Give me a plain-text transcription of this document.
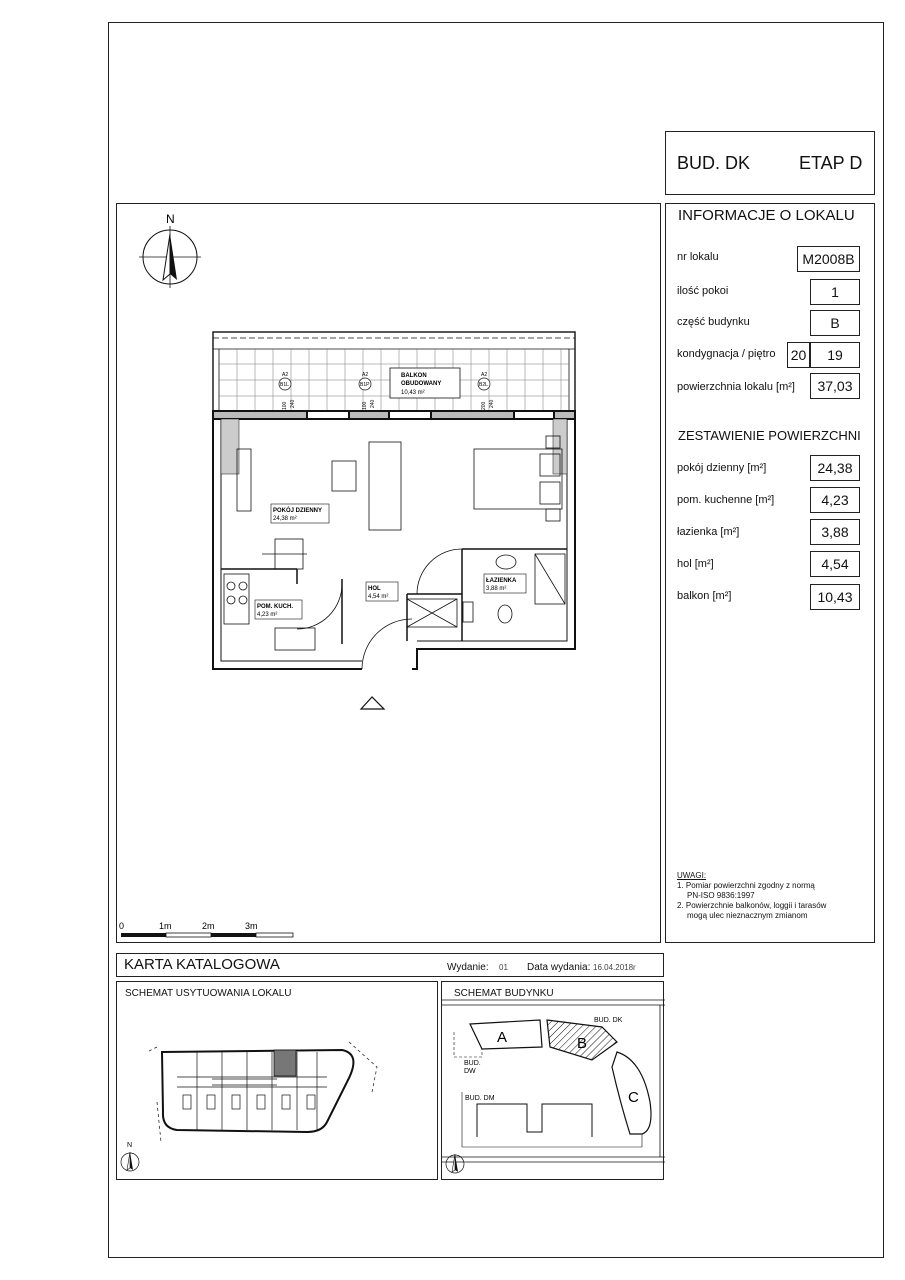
BUD. DK	ETAP D
N
BALKON
OBUDOWANY
10,43 m²
A2
B1L
100 240
A2
B1P
100 240
A2
B2L
200 240
POKÓJ DZIENNY
24,38 m²
POM. KUCH.
4,23 m²
HOL
4,54 m²
ŁAZIENKA
3,88 m²
0	1m	2m	3m
INFORMACJE O LOKALU
nr lokalu	M2008B
ilość pokoi	1
część budynku	B
kondygnacja / piętro 20	19
powierzchnia lokalu [m²]	37,03
ZESTAWIENIE POWIERZCHNI
pokój dzienny [m²]	24,38
pom. kuchenne [m²]	4,23
łazienka [m²]	3,88
hol [m²]	4,54
balkon [m²]	10,43
UWAGI:
1. Pomiar powierzchni zgodny z normą
PN-ISO 9836:1997
2. Powierzchnie balkonów, loggii i tarasów
mogą ulec nieznacznym zmianom
KARTA KATALOGOWA	Wydanie: 01 Data wydania: 16.04.2018r
SCHEMAT USYTUOWANIA LOKALU
N
SCHEMAT BUDYNKU
A	B
C
BUD. DK
BUD.
DW
BUD. DM
